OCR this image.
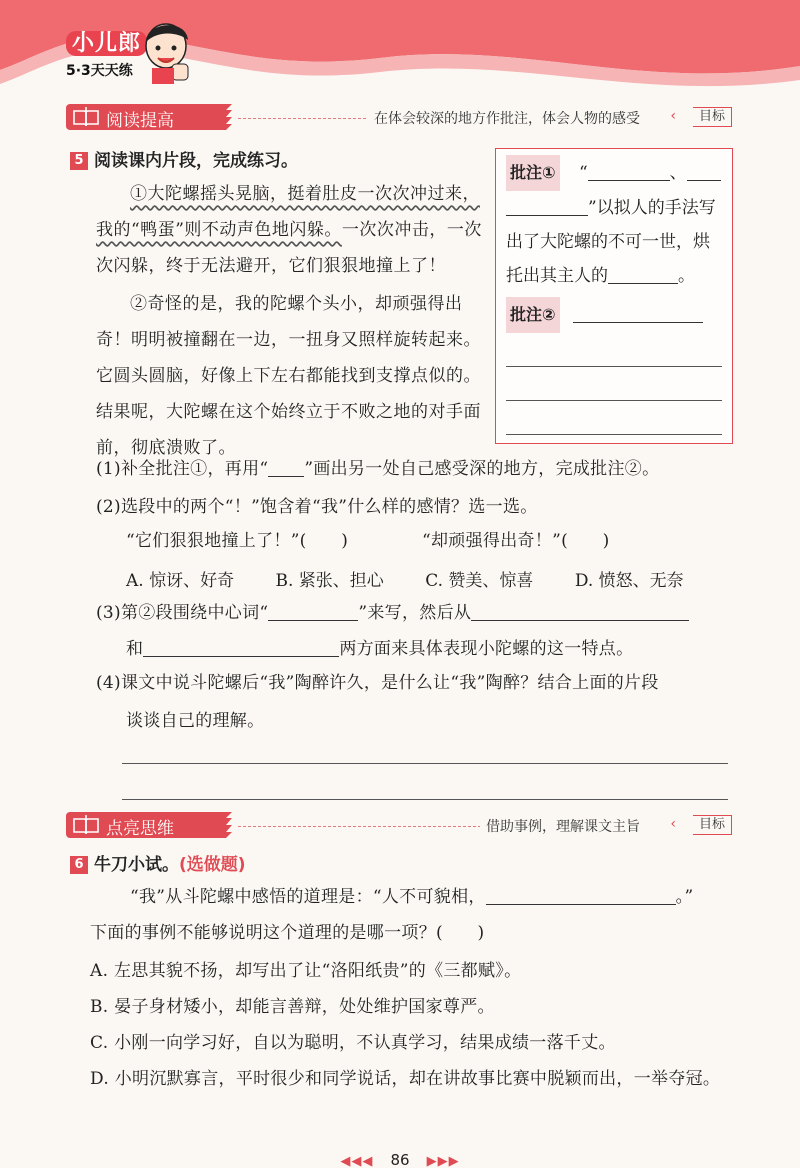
小儿郎
5·3天天练
阅读提高	在体会较深的地方作批注，体会人物的感受	‹	目标
5 阅读课内片段，完成练习。

①大陀螺摇头晃脑，挺着肚皮一次次冲过来，我的“鸭蛋”则不动声色地闪躲。一次次冲击，一次次闪躲，终于无法避开，它们狠狠地撞上了！

②奇怪的是，我的陀螺个头小，却顽强得出奇！明明被撞翻在一边，一扭身又照样旋转起来。它圆头圆脑，好像上下左右都能找到支撑点似的。结果呢，大陀螺在这个始终立于不败之地的对手面前，彻底溃败了。

批注① “	、
”以拟人的手法写出了大陀螺的不可一世，烘托出其主人的	。
批注②
(1)补全批注①，再用“ ”画出另一处自己感受深的地方，完成批注②。
(2)选段中的两个“！”饱含着“我”什么样的感情？选一选。
“它们狠狠地撞上了！”(　　)	“却顽强得出奇！”(　　)
A. 惊讶、好奇 B. 紧张、担心 C. 赞美、惊喜 D. 愤怒、无奈
(3)第②段围绕中心词“	”来写，然后从
和	两方面来具体表现小陀螺的这一特点。
(4)课文中说斗陀螺后“我”陶醉许久，是什么让“我”陶醉？结合上面的片段
谈谈自己的理解。
点亮思维	借助事例，理解课文主旨	‹	目标
6 牛刀小试。(选做题)
“我”从斗陀螺中感悟的道理是：“人不可貌相，	。”
下面的事例不能够说明这个道理的是哪一项？(　　)
A. 左思其貌不扬，却写出了让“洛阳纸贵”的《三都赋》。
B. 晏子身材矮小，却能言善辩，处处维护国家尊严。
C. 小刚一向学习好，自以为聪明，不认真学习，结果成绩一落千丈。
D. 小明沉默寡言，平时很少和同学说话，却在讲故事比赛中脱颖而出，一举夺冠。
◀◀◀ 86 ▶▶▶
